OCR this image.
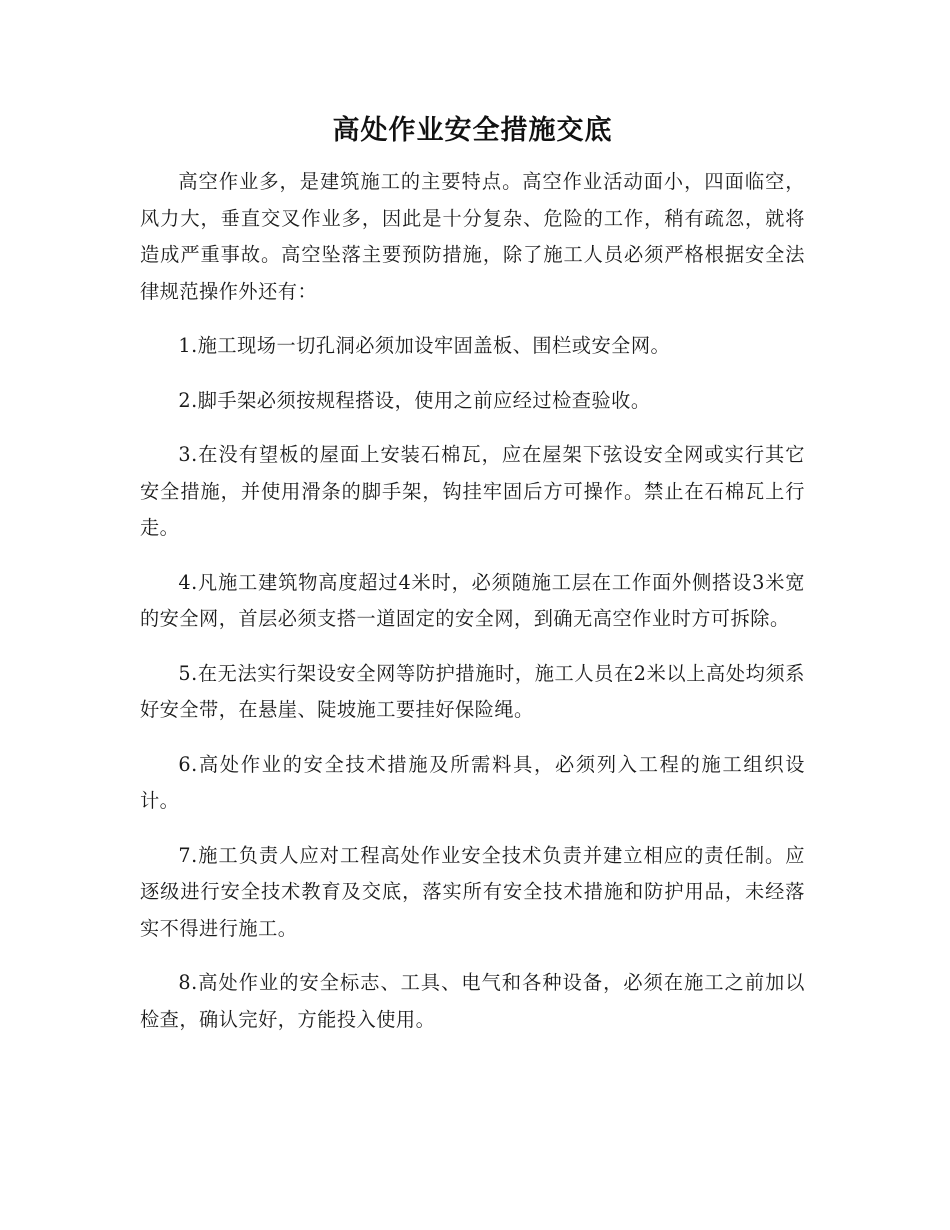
高处作业安全措施交底

高空作业多，是建筑施工的主要特点。高空作业活动面小，四面临空，风力大，垂直交叉作业多，因此是十分复杂、危险的工作，稍有疏忽，就将造成严重事故。高空坠落主要预防措施，除了施工人员必须严格根据安全法律规范操作外还有：

1.施工现场一切孔洞必须加设牢固盖板、围栏或安全网。

2.脚手架必须按规程搭设，使用之前应经过检查验收。

3.在没有望板的屋面上安装石棉瓦，应在屋架下弦设安全网或实行其它安全措施，并使用滑条的脚手架，钩挂牢固后方可操作。禁止在石棉瓦上行走。

4.凡施工建筑物高度超过4米时，必须随施工层在工作面外侧搭设3米宽的安全网，首层必须支搭一道固定的安全网，到确无高空作业时方可拆除。

5.在无法实行架设安全网等防护措施时，施工人员在2米以上高处均须系好安全带，在悬崖、陡坡施工要挂好保险绳。

6.高处作业的安全技术措施及所需料具，必须列入工程的施工组织设计。

7.施工负责人应对工程高处作业安全技术负责并建立相应的责任制。应逐级进行安全技术教育及交底，落实所有安全技术措施和防护用品，未经落实不得进行施工。

8.高处作业的安全标志、工具、电气和各种设备，必须在施工之前加以检查，确认完好，方能投入使用。
